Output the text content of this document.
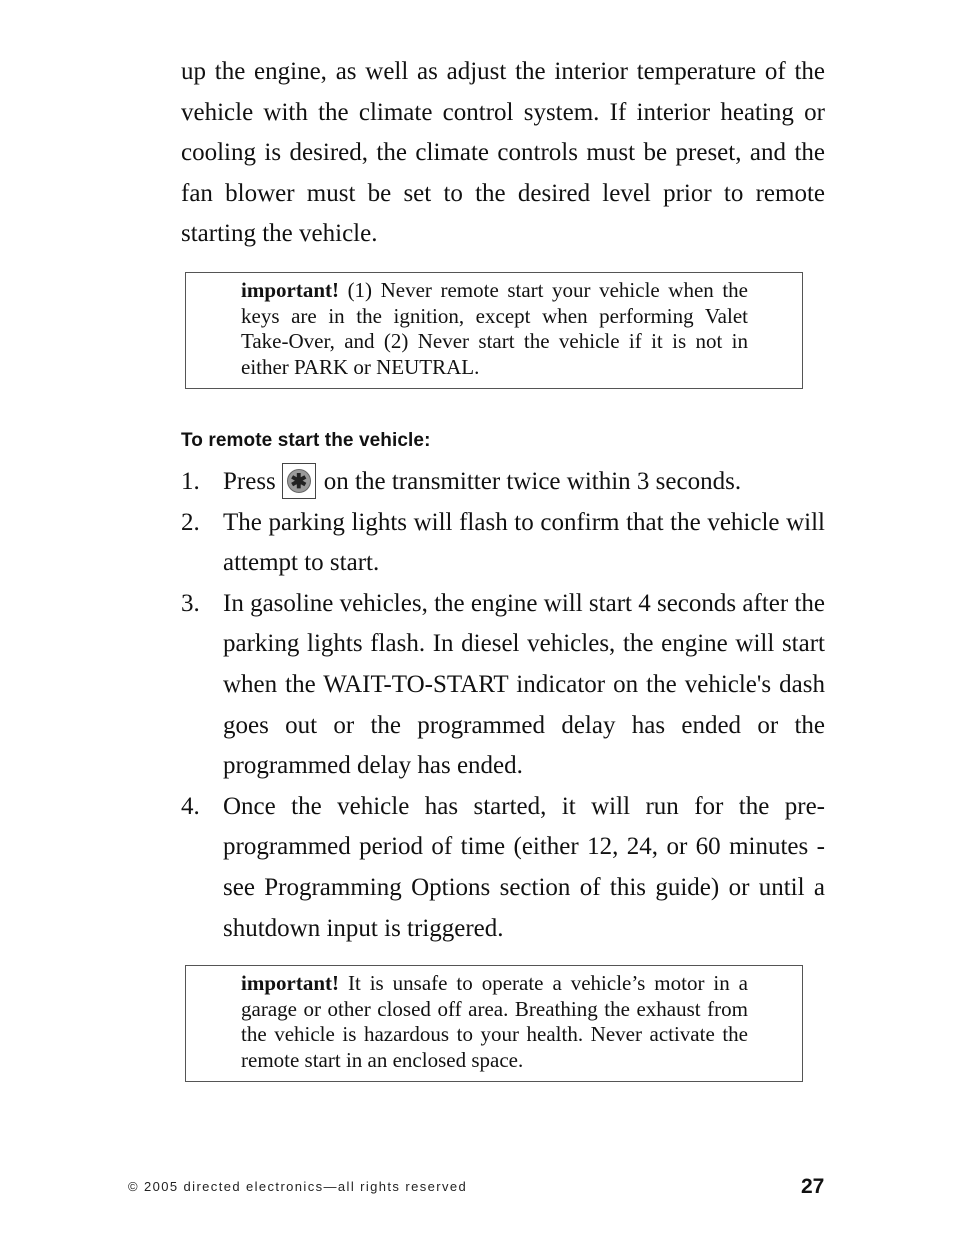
up the engine, as well as adjust the interior temperature of the vehicle with the climate control system. If interior heating or cooling is desired, the climate controls must be preset, and the fan blower must be set to the desired level prior to remote starting the vehicle.

important! (1) Never remote start your vehicle when the keys are in the ignition, except when performing Valet Take-Over, and (2) Never start the vehicle if it is not in either PARK or NEUTRAL.

To remote start the vehicle:
1. Press ✱ on the transmitter twice within 3 seconds.
2. The parking lights will flash to confirm that the vehicle will attempt to start.
3. In gasoline vehicles, the engine will start 4 seconds after the parking lights flash. In diesel vehicles, the engine will start when the WAIT-TO-START indicator on the vehicle's dash goes out or the programmed delay has ended or the programmed delay has ended.
4. Once the vehicle has started, it will run for the pre-programmed period of time (either 12, 24, or 60 minutes - see Programming Options section of this guide) or until a shutdown input is triggered.

important! It is unsafe to operate a vehicle’s motor in a garage or other closed off area. Breathing the exhaust from the vehicle is hazardous to your health. Never activate the remote start in an enclosed space.

© 2005 directed electronics—all rights reserved	27
